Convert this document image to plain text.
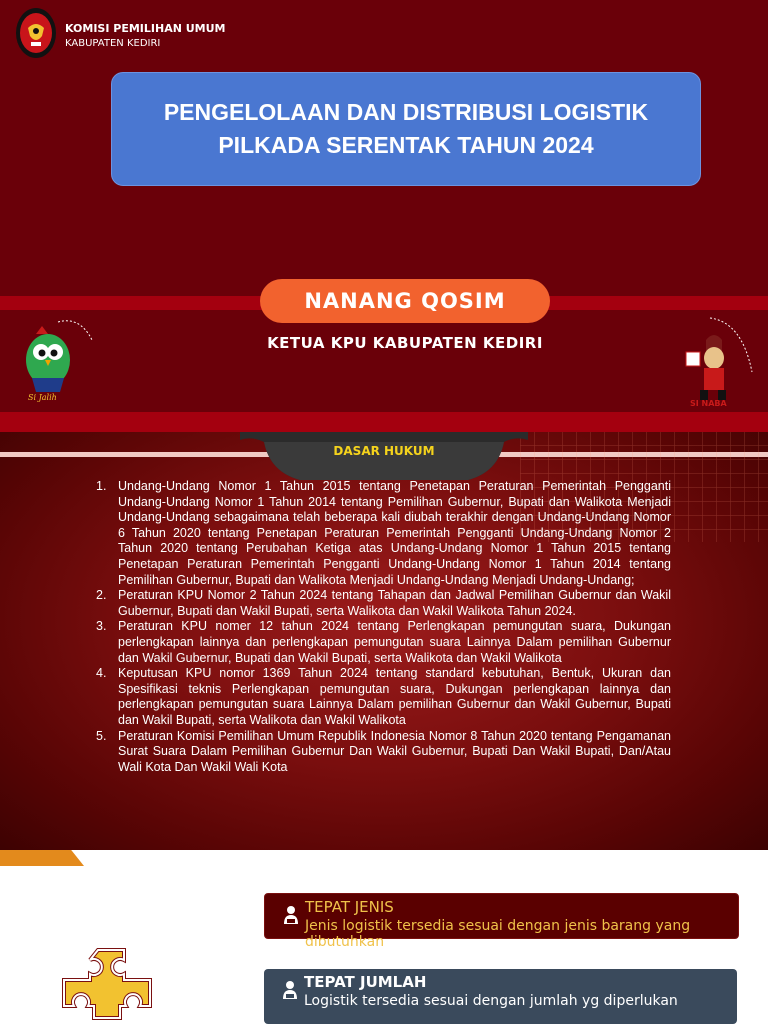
KOMISI PEMILIHAN UMUM
KABUPATEN KEDIRI
PENGELOLAAN DAN DISTRIBUSI LOGISTIK
PILKADA SERENTAK TAHUN 2024
Si Jalih
NANANG QOSIM
KETUA KPU KABUPATEN KEDIRI
SI NABA
DASAR HUKUM
1. Undang-Undang Nomor 1 Tahun 2015 tentang Penetapan Peraturan Pemerintah Pengganti Undang-Undang Nomor 1 Tahun 2014 tentang Pemilihan Gubernur, Bupati dan Walikota Menjadi Undang-Undang sebagaimana telah beberapa kali diubah terakhir dengan Undang-Undang Nomor 6 Tahun 2020 tentang Penetapan Peraturan Pemerintah Pengganti Undang-Undang Nomor 2 Tahun 2020 tentang Perubahan Ketiga atas Undang-Undang Nomor 1 Tahun 2015 tentang Penetapan Peraturan Pemerintah Pengganti Undang-Undang Nomor 1 Tahun 2014 tentang Pemilihan Gubernur, Bupati dan Walikota Menjadi Undang-Undang Menjadi Undang-Undang;
2. Peraturan KPU Nomor 2 Tahun 2024 tentang Tahapan dan Jadwal Pemilihan Gubernur dan Wakil Gubernur, Bupati dan Wakil Bupati, serta Walikota dan Wakil Walikota Tahun 2024.
3. Peraturan KPU nomer 12 tahun 2024 tentang Perlengkapan pemungutan suara, Dukungan perlengkapan lainnya dan perlengkapan pemungutan suara Lainnya Dalam pemilihan Gubernur dan Wakil Gubernur, Bupati dan Wakil Bupati, serta Walikota dan Wakil Walikota
4. Keputusan KPU nomor 1369 Tahun 2024 tentang standard kebutuhan, Bentuk, Ukuran dan Spesifikasi teknis Perlengkapan pemungutan suara, Dukungan perlengkapan lainnya dan perlengkapan pemungutan suara Lainnya Dalam pemilihan Gubernur dan Wakil Gubernur, Bupati dan Wakil Bupati, serta Walikota dan Wakil Walikota
5. Peraturan Komisi Pemilihan Umum Republik Indonesia Nomor 8 Tahun 2020 tentang Pengamanan Surat Suara Dalam Pemilihan Gubernur Dan Wakil Gubernur, Bupati Dan Wakil Bupati, Dan/Atau Wali Kota Dan Wakil Wali Kota
TEPAT JENIS
Jenis logistik tersedia sesuai dengan jenis barang yang dibutuhkan
TEPAT JUMLAH
Logistik tersedia sesuai dengan jumlah yg diperlukan
